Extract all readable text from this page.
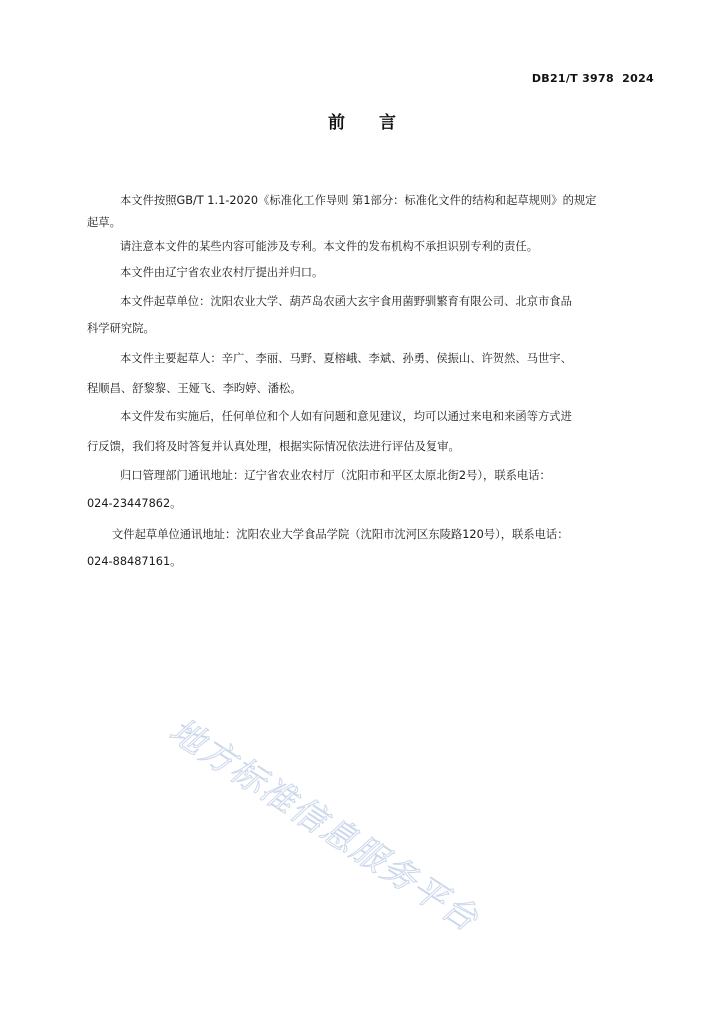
DB21/T 3978  2024
前言
本文件按照GB/T 1.1-2020《标准化工作导则 第1部分：标准化文件的结构和起草规则》的规定
起草。
请注意本文件的某些内容可能涉及专利。本文件的发布机构不承担识别专利的责任。
本文件由辽宁省农业农村厅提出并归口。
本文件起草单位：沈阳农业大学、葫芦岛农函大玄宇食用菌野驯繁育有限公司、北京市食品
科学研究院。
本文件主要起草人：辛广、李丽、马野、夏榕峨、李斌、孙勇、侯振山、许贺然、马世宇、
程顺昌、舒黎黎、王娅飞、李昀婷、潘松。
本文件发布实施后，任何单位和个人如有问题和意见建议，均可以通过来电和来函等方式进
行反馈，我们将及时答复并认真处理，根据实际情况依法进行评估及复审。
归口管理部门通讯地址：辽宁省农业农村厅（沈阳市和平区太原北街2号），联系电话：
024-23447862。
文件起草单位通讯地址：沈阳农业大学食品学院（沈阳市沈河区东陵路120号），联系电话：
024-88487161。
地方标准信息服务平台
